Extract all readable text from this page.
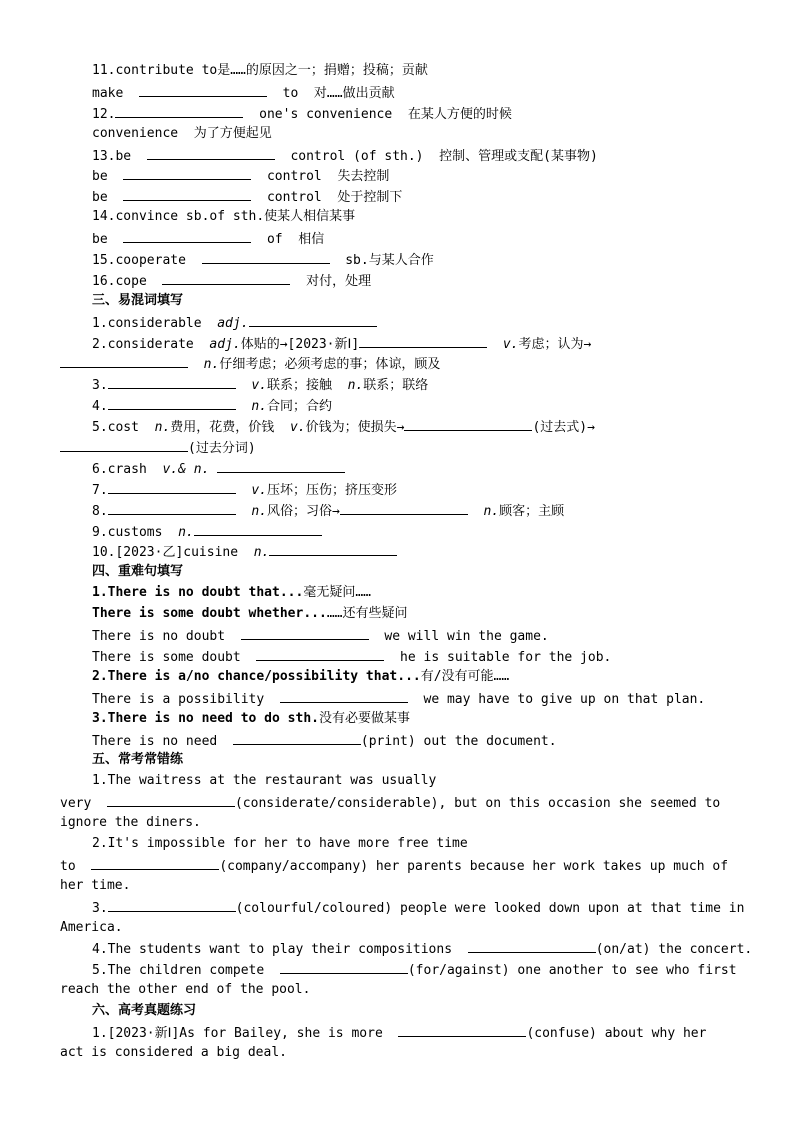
11.contribute to是……的原因之一；捐赠；投稿；贡献
make	to  对……做出贡献
12.	one's convenience  在某人方便的时候
convenience  为了方便起见
13.be	control (of sth.)  控制、管理或支配(某事物)
be	control  失去控制
be	control  处于控制下
14.convince sb.of sth.使某人相信某事
be	of  相信
15.cooperate	sb.与某人合作
16.cope	对付，处理
三、易混词填写
1.considerable adj.
2.considerate adj.体贴的→[2023·新Ⅰ]	v.考虑；认为→
n.仔细考虑；必须考虑的事；体谅，顾及
3.	v.联系；接触 n.联系；联络
4.	n.合同；合约
5.cost n.费用，花费，价钱 v.价钱为；使损失→	(过去式)→
(过去分词)
6.crash v.& n.
7.	v.压坏；压伤；挤压变形
8.	n.风俗；习俗→	n.顾客；主顾
9.customs n.
10.[2023·乙]cuisine n.
四、重难句填写
1.There is no doubt that...毫无疑问……
There is some doubt whether...……还有些疑问
There is no doubt	we will win the game.
There is some doubt	he is suitable for the job.
2.There is a/no chance/possibility that...有/没有可能……
There is a possibility	we may have to give up on that plan.
3.There is no need to do sth.没有必要做某事
There is no need	(print) out the document.
五、常考常错练
1.The waitress at the restaurant was usually
very	(considerate/considerable), but on this occasion she seemed to
ignore the diners.
2.It's impossible for her to have more free time
to	(company/accompany) her parents because her work takes up much of
her time.
3.	(colourful/coloured) people were looked down upon at that time in
America.
4.The students want to play their compositions	(on/at) the concert.
5.The children compete	(for/against) one another to see who first
reach the other end of the pool.
六、高考真题练习
1.[2023·新Ⅰ]As for Bailey, she is more	(confuse) about why her
act is considered a big deal.
